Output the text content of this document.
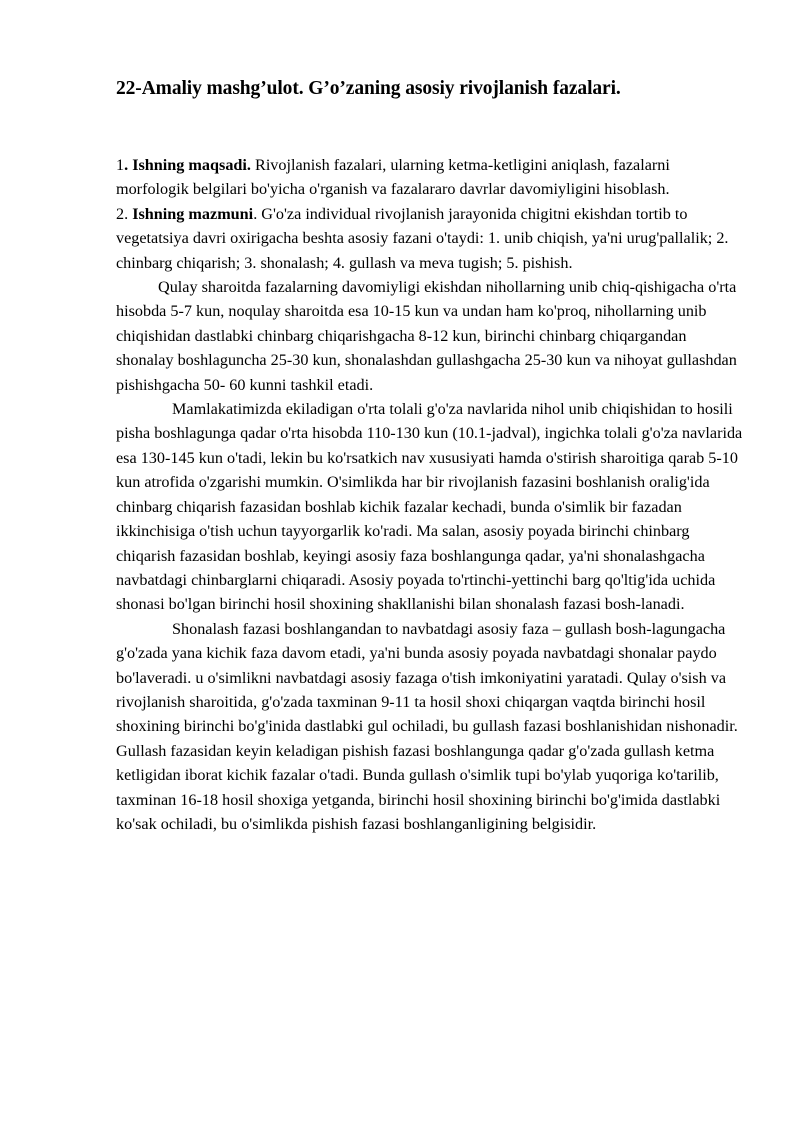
22-Amaliy mashg’ulot. G’o’zaning asosiy rivojlanish fazalari.

1. Ishning maqsadi. Rivojlanish fazalari, ularning ketma-ketligini aniqlash, fazalarni morfologik belgilari bo'yicha o'rganish va fazalararo davrlar davomiyligini hisoblash.

2. Ishning mazmuni. G'o'za individual rivojlanish jarayonida chigitni ekishdan tortib to vegetatsiya davri oxirigacha beshta asosiy fazani o'taydi: 1. unib chiqish, ya'ni urug'pallalik; 2. chinbarg chiqarish; 3. shonalash; 4. gullash va meva tugish; 5. pishish.

Qulay sharoitda fazalarning davomiyligi ekishdan nihollarning unib chiq-qishigacha o'rta hisobda 5-7 kun, noqulay sharoitda esa 10-15 kun va undan ham ko'proq, nihollarning unib chiqishidan dastlabki chinbarg chiqarishgacha 8-12 kun, birinchi chinbarg chiqargandan shonalay boshlaguncha 25-30 kun, shonalashdan gullashgacha 25-30 kun va nihoyat gullashdan pishishgacha 50- 60 kunni tashkil etadi.

Mamlakatimizda ekiladigan o'rta tolali g'o'za navlarida nihol unib chiqishidan to hosili pisha boshlagunga qadar o'rta hisobda 110-130 kun (10.1-jadval), ingichka tolali g'o'za navlarida esa 130-145 kun o'tadi, lekin bu ko'rsatkich nav xususiyati hamda o'stirish sharoitiga qarab 5-10 kun atrofida o'zgarishi mumkin. O'simlikda har bir rivojlanish fazasini boshlanish oralig'ida chinbarg chiqarish fazasidan boshlab kichik fazalar kechadi, bunda o'simlik bir fazadan ikkinchisiga o'tish uchun tayyorgarlik ko'radi. Ma salan, asosiy poyada birinchi chinbarg chiqarish fazasidan boshlab, keyingi asosiy faza boshlangunga qadar, ya'ni shonalashgacha navbatdagi chinbarglarni chiqaradi. Asosiy poyada to'rtinchi-yettinchi barg qo'ltig'ida uchida shonasi bo'lgan birinchi hosil shoxining shakllanishi bilan shonalash fazasi bosh-lanadi.

Shonalash fazasi boshlangandan to navbatdagi asosiy faza – gullash bosh-lagungacha g'o'zada yana kichik faza davom etadi, ya'ni bunda asosiy poyada navbatdagi shonalar paydo bo'laveradi. u o'simlikni navbatdagi asosiy fazaga o'tish imkoniyatini yaratadi. Qulay o'sish va rivojlanish sharoitida, g'o'zada taxminan 9-11 ta hosil shoxi chiqargan vaqtda birinchi hosil shoxining birinchi bo'g'inida dastlabki gul ochiladi, bu gullash fazasi boshlanishidan nishonadir. Gullash fazasidan keyin keladigan pishish fazasi boshlangunga qadar g'o'zada gullash ketma ketligidan iborat kichik fazalar o'tadi. Bunda gullash o'simlik tupi bo'ylab yuqoriga ko'tarilib, taxminan 16-18 hosil shoxiga yetganda, birinchi hosil shoxining birinchi bo'g'imida dastlabki ko'sak ochiladi, bu o'simlikda pishish fazasi boshlanganligining belgisidir.
